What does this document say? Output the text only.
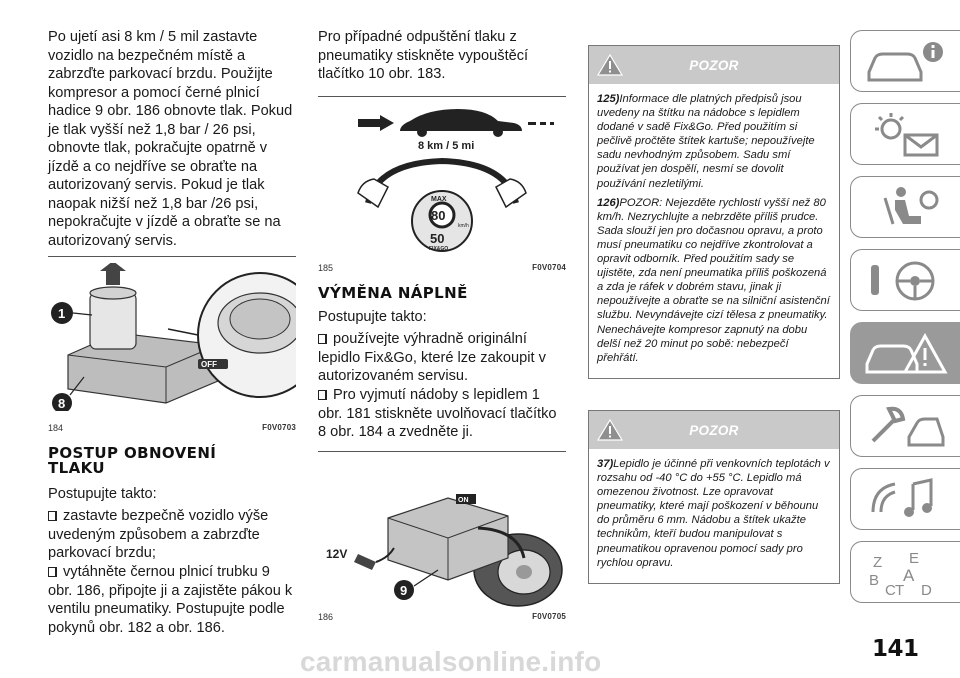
Po ujetí asi 8 km / 5 mil zastavte vozidlo na bezpečném místě a zabrzďte parkovací brzdu. Použijte kompresor a pomocí černé plnicí hadice 9 obr. 186 obnovte tlak. Pokud je tlak vyšší než 1,8 bar / 26 psi, obnovte tlak, pokračujte opatrně v jízdě a co nejdříve se obraťte na autorizovaný servis. Pokud je tlak naopak nižší než 1,8 bar /26 psi, nepokračujte v jízdě a obraťte se na autorizovaný servis.
OFF
1
8
184	F0V0703
POSTUP OBNOVENÍ
TLAKU
Postupujte takto:
zastavte bezpečně vozidlo výše uvedeným způsobem a zabrzďte parkovací brzdu;
vytáhněte černou plnicí trubku 9 obr. 186, připojte ji a zajistěte pákou k ventilu pneumatiky. Postupujte podle pokynů obr. 182 a obr. 186.
Pro případné odpuštění tlaku z pneumatiky stiskněte vypouštěcí tlačítko 10 obr. 183.
8 km / 5 mi
MAX
80
50
km/h
FIX&GO
185	F0V0704
VÝMĚNA NÁPLNĚ
Postupujte takto:
používejte výhradně originální lepidlo Fix&Go, které lze zakoupit v autorizovaném servisu.
Pro vyjmutí nádoby s lepidlem 1 obr. 181 stiskněte uvolňovací tlačítko 8 obr. 184 a zvedněte ji.
ON
12V
9
186	F0V0705
POZOR

125)Informace dle platných předpisů jsou uvedeny na štítku na nádobce s lepidlem dodané v sadě Fix&Go. Před použitím si pečlivě pročtěte štítek kartuše; nepoužívejte sadu nevhodným způsobem. Sadu smí používat jen dospělí, nesmí se dovolit používání nezletilými.

126)POZOR: Nejezděte rychlostí vyšší než 80 km/h. Nezrychlujte a nebrzděte příliš prudce. Sada slouží jen pro dočasnou opravu, a proto musí pneumatiku co nejdříve zkontrolovat a opravit odborník. Před použitím sady se ujistěte, zda není pneumatika příliš poškozená a zda je ráfek v dobrém stavu, jinak ji nepoužívejte a obraťte se na silniční asistenční službu. Nevyndávejte cizí tělesa z pneumatiky. Nenechávejte kompresor zapnutý na dobu delší než 20 minut po sobě: nebezpečí přehřátí.

POZOR

37)Lepidlo je účinné při venkovních teplotách v rozsahu od -40 °C do +55 °C. Lepidlo má omezenou životnost. Lze opravovat pneumatiky, které mají poškození v běhounu do průměru 6 mm. Nádobu a štítek ukažte technikům, kteří budou manipulovat s pneumatikou opravenou pomocí sady pro rychlou opravu.	Z E
B A
C T D
carmanualsonline.info	141
